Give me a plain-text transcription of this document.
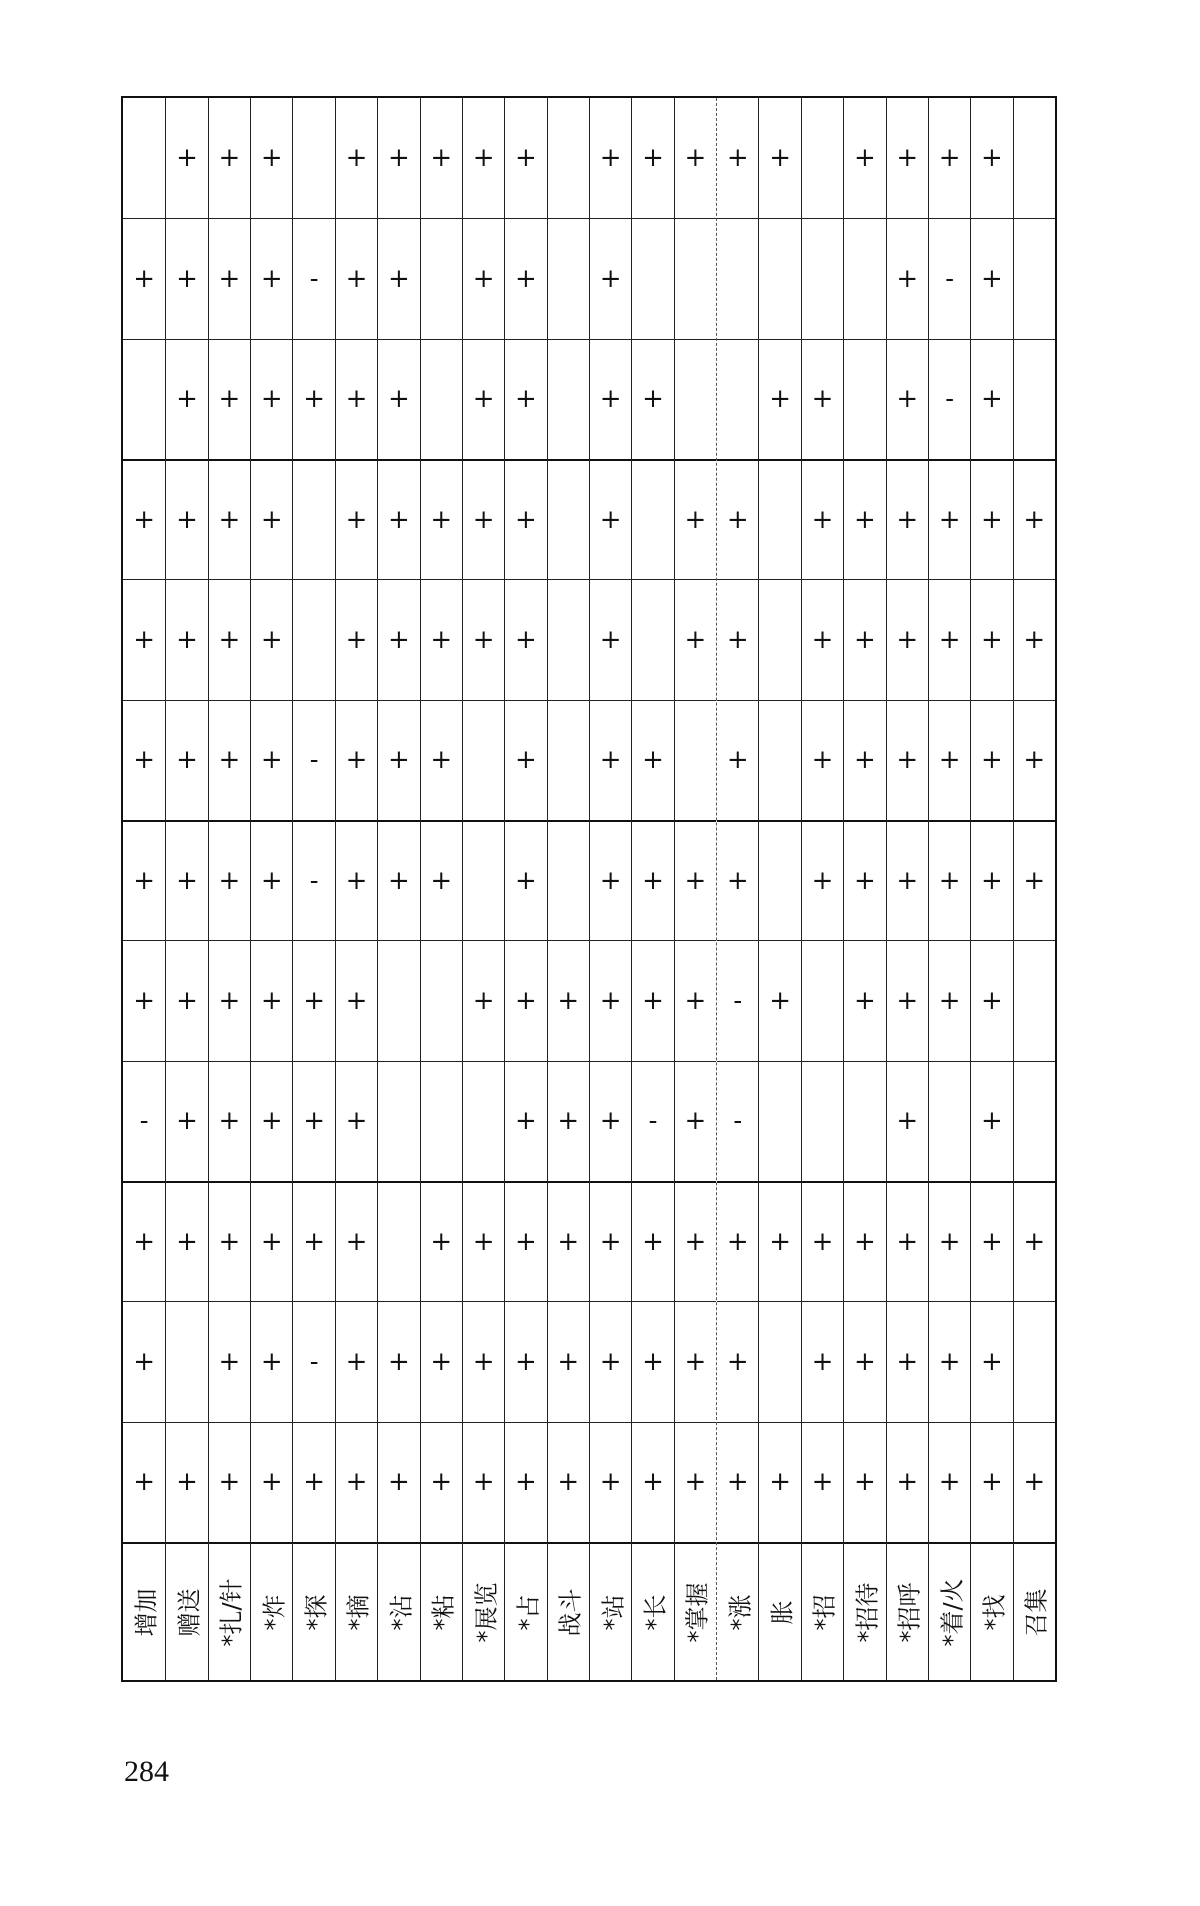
+
+
+
+
+
+
-
+
+
+
增加
+
+
+
+
+
+
+
+
+
+
+
赠送
+
+
+
+
+
+
+
+
+
+
+
+
*扎/针
+
+
+
+
+
+
+
+
+
+
+
+
*炸
-
+
-
-
+
+
+
-
+
*探
+
+
+
+
+
+
+
+
+
+
+
+
*摘
+
+
+
+
+
+
+
+
+
*沾
+
+
+
+
+
+
+
+
*粘
+
+
+
+
+
+
+
+
+
*展览
+
+
+
+
+
+
+
+
+
+
+
+
*占
+
+
+
+
+
战斗
+
+
+
+
+
+
+
+
+
+
+
+
*站
+
+
+
+
+
-
+
+
+
*长
+
+
+
+
+
+
+
+
+
*掌握
+
+
+
+
+
-
-
+
+
+
*涨
+
+
+
+
+
胀
+
+
+
+
+
+
+
+
*招
+
+
+
+
+
+
+
+
+
*招待
+
+
+
+
+
+
+
+
+
+
+
+
*招呼
+
-
-
+
+
+
+
+
+
+
+
*着/火
+
+
+
+
+
+
+
+
+
+
+
+
*找
+
+
+
+
+
+
召集
284
